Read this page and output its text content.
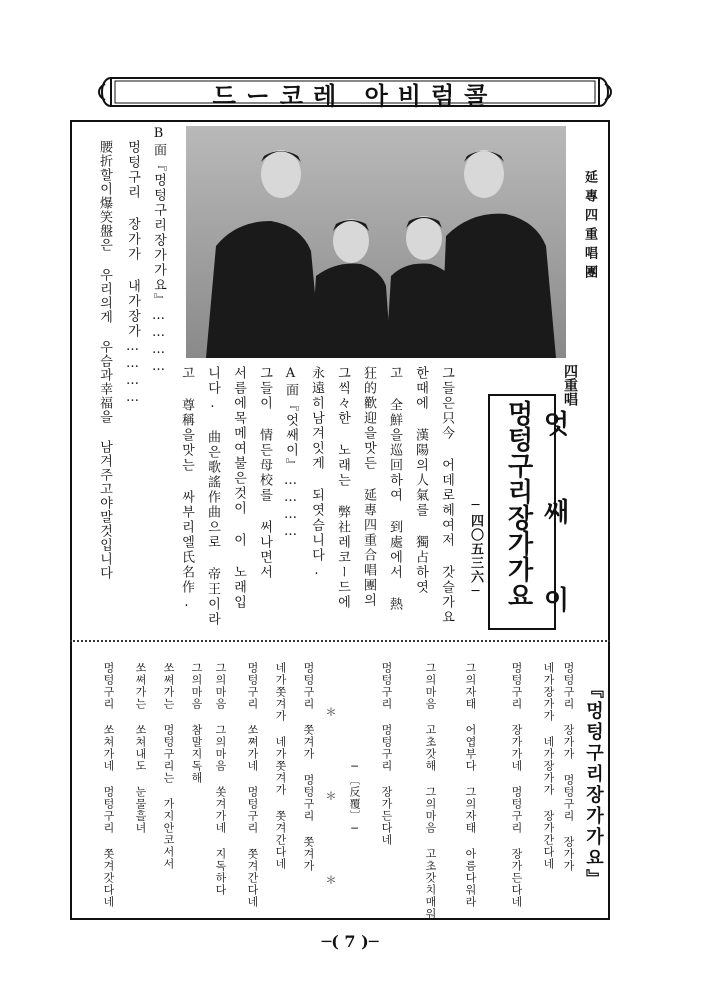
드ー코레 아비럼콜
延專四重唱團
엇 쌔 이
멍텅구리장가가요
四重唱
─四〇五三六─
그들은只今 어데로헤여저 갓슬가요
한때에 漢陽의人氣를 獨占하엿
고 全鮮을巡回하여 到處에서 熱
狂的歡迎을맛든 延專四重合唱團의
그씩々한 노래는 弊社레코ー드에
永遠히남겨잇게 되엿슴니다.
A面『엇쌔이』…………
그들이 情든母校를 써나면서
서름에목메여불은것이 이 노래입
니다. 曲은歌謠作曲으로 帝王이라
고 尊稱을맛는 싸부리엘氏名作.
B面『멍텅구리장가가요』…………
멍텅구리 장가가 내가장가…………
腰折할이爆笑盤은 우리의게 우슴과幸福을 남겨주고야말것입니다
『멍텅구리장가가요』
멍텅구리 장가가 멍텅구리 장가가
네가장가가 네가장가가 장가간다네
멍텅구리 장가가네 멍텅구리 장가든다네
그의자태 어엽부다 그의자태 아름다워라
그의마음 고초갓해 그의마음 고초갓치매워
멍텅구리 멍텅구리 장가든다네
─〔反覆〕─
＊ ＊ ＊
멍텅구리 쫏겨가 멍텅구리 쫏겨가
네가쫏겨가 네가쫏겨가 쫏겨간다네
멍텅구리 쏘쪄가네 멍텅구리 쫏겨간다네
그의마음 그의마음 쏫겨가네 지독하다
그의마음 참말지독해
쏘쎠가는 멍텅구리는 가지안코서서
쏘쎠가는 쏘쳐내도 눈물흘녀
멍텅구리 쏘쳐가네 멍텅구리 쫏겨갓다네
─( 7 )─
